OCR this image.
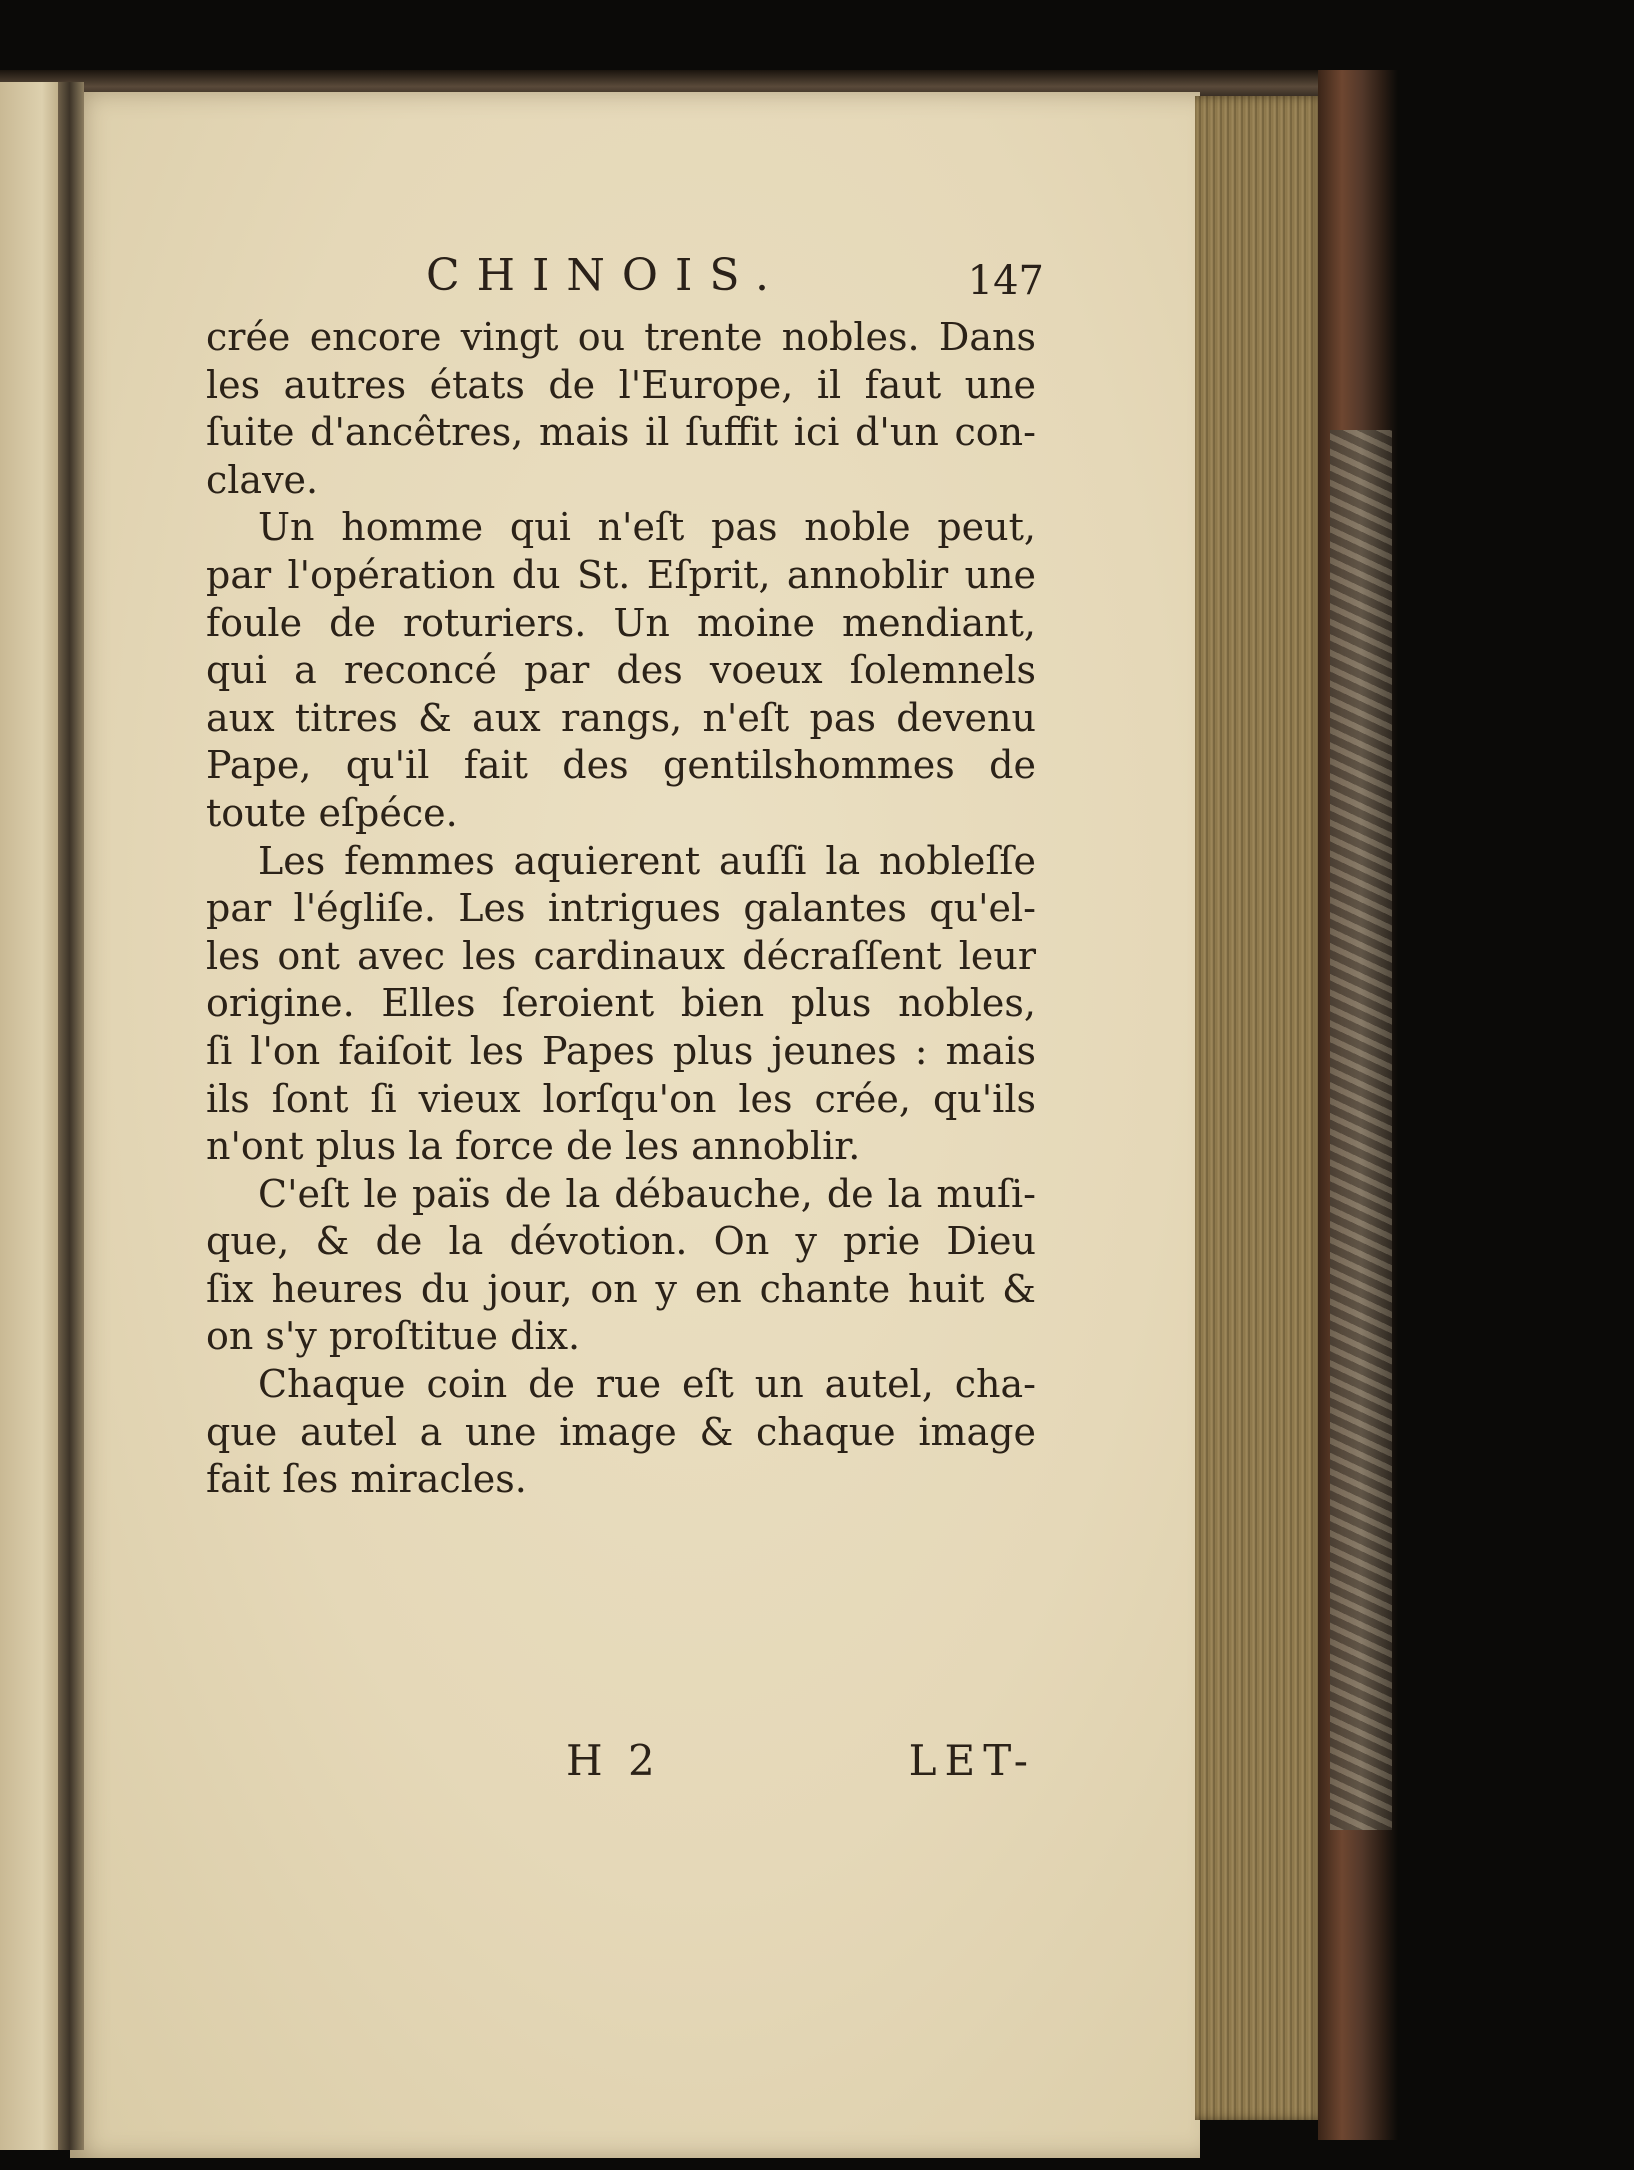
CHINOIS.	147
crée encore vingt ou trente nobles. Dans
les autres états de l'Europe, il faut une
ſuite d'ancêtres, mais il ſuffit ici d'un con-
clave.
Un homme qui n'eſt pas noble peut,
par l'opération du St. Eſprit, annoblir une
foule de roturiers. Un moine mendiant,
qui a reconcé par des voeux ſolemnels
aux titres & aux rangs, n'eſt pas devenu
Pape, qu'il fait des gentilshommes de
toute eſpéce.
Les femmes aquierent auſſi la nobleſſe
par l'égliſe. Les intrigues galantes qu'el-
les ont avec les cardinaux décraſſent leur
origine. Elles ſeroient bien plus nobles,
ſi l'on faiſoit les Papes plus jeunes : mais
ils ſont ſi vieux lorſqu'on les crée, qu'ils
n'ont plus la force de les annoblir.
C'eſt le païs de la débauche, de la muſi-
que, & de la dévotion. On y prie Dieu
ſix heures du jour, on y en chante huit &
on s'y proſtitue dix.
Chaque coin de rue eſt un autel, cha-
que autel a une image & chaque image
fait ſes miracles.
H 2	LET-
